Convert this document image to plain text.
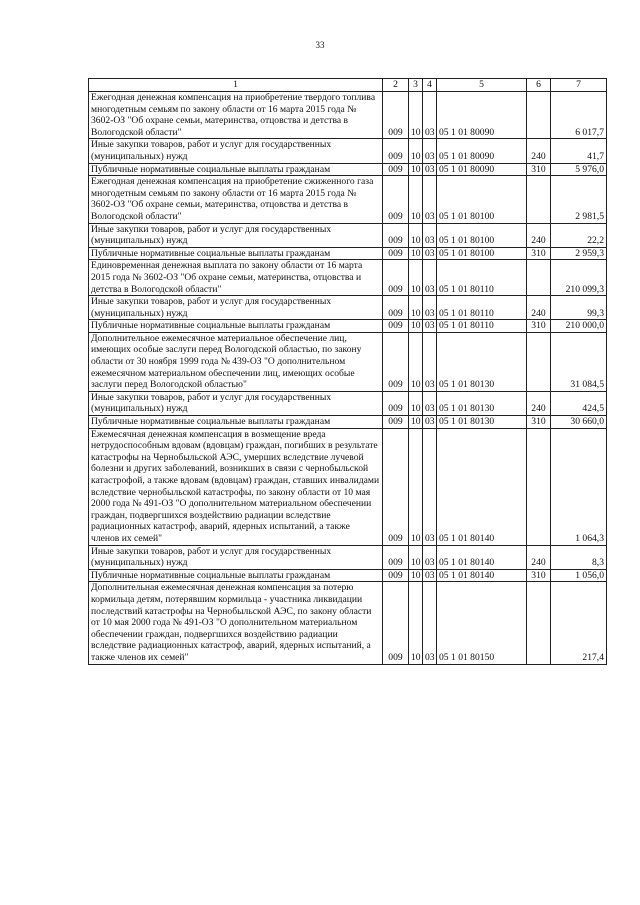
33
1	2	3	4	5	6	7
Ежегодная денежная компенсация на приобретение твердого топлива многодетным семьям по закону области от 16 марта 2015 года № 3602-ОЗ "Об охране семьи, материнства, отцовства и детства в Вологодской области"	009	10	03	05 1 01 80090		6 017,7
Иные закупки товаров, работ и услуг для государственных (муниципальных) нужд	009	10	03	05 1 01 80090	240	41,7
Публичные нормативные социальные выплаты гражданам	009	10	03	05 1 01 80090	310	5 976,0
Ежегодная денежная компенсация на приобретение сжиженного газа многодетным семьям по закону области от 16 марта 2015 года № 3602-ОЗ "Об охране семьи, материнства, отцовства и детства в Вологодской области"	009	10	03	05 1 01 80100		2 981,5
Иные закупки товаров, работ и услуг для государственных (муниципальных) нужд	009	10	03	05 1 01 80100	240	22,2
Публичные нормативные социальные выплаты гражданам	009	10	03	05 1 01 80100	310	2 959,3
Единовременная денежная выплата по закону области от 16 марта 2015 года № 3602-ОЗ "Об охране семьи, материнства, отцовства и детства в Вологодской области"	009	10	03	05 1 01 80110		210 099,3
Иные закупки товаров, работ и услуг для государственных (муниципальных) нужд	009	10	03	05 1 01 80110	240	99,3
Публичные нормативные социальные выплаты гражданам	009	10	03	05 1 01 80110	310	210 000,0
Дополнительное ежемесячное материальное обеспечение лиц, имеющих особые заслуги перед Вологодской областью, по закону области от 30 ноября 1999 года № 439-ОЗ "О дополнительном ежемесячном материальном обеспечении лиц, имеющих особые заслуги перед Вологодской областью"	009	10	03	05 1 01 80130		31 084,5
Иные закупки товаров, работ и услуг для государственных (муниципальных) нужд	009	10	03	05 1 01 80130	240	424,5
Публичные нормативные социальные выплаты гражданам	009	10	03	05 1 01 80130	310	30 660,0
Ежемесячная денежная компенсация в возмещение вреда нетрудоспособным вдовам (вдовцам) граждан, погибших в результате катастрофы на Чернобыльской АЭС, умерших вследствие лучевой болезни и других заболеваний, возникших в связи с чернобыльской катастрофой, а также вдовам (вдовцам) граждан, ставших инвалидами вследствие чернобыльской катастрофы, по закону области от 10 мая 2000 года № 491-ОЗ "О дополнительном материальном обеспечении граждан, подвергшихся воздействию радиации вследствие радиационных катастроф, аварий, ядерных испытаний, а также членов их семей"	009	10	03	05 1 01 80140		1 064,3
Иные закупки товаров, работ и услуг для государственных (муниципальных) нужд	009	10	03	05 1 01 80140	240	8,3
Публичные нормативные социальные выплаты гражданам	009	10	03	05 1 01 80140	310	1 056,0
Дополнительная ежемесячная денежная компенсация за потерю кормильца детям, потерявшим кормильца - участника ликвидации последствий катастрофы на Чернобыльской АЭС, по закону области от 10 мая 2000 года № 491-ОЗ "О дополнительном материальном обеспечении граждан, подвергшихся воздействию радиации вследствие радиационных катастроф, аварий, ядерных испытаний, а также членов их семей"	009	10	03	05 1 01 80150		217,4
